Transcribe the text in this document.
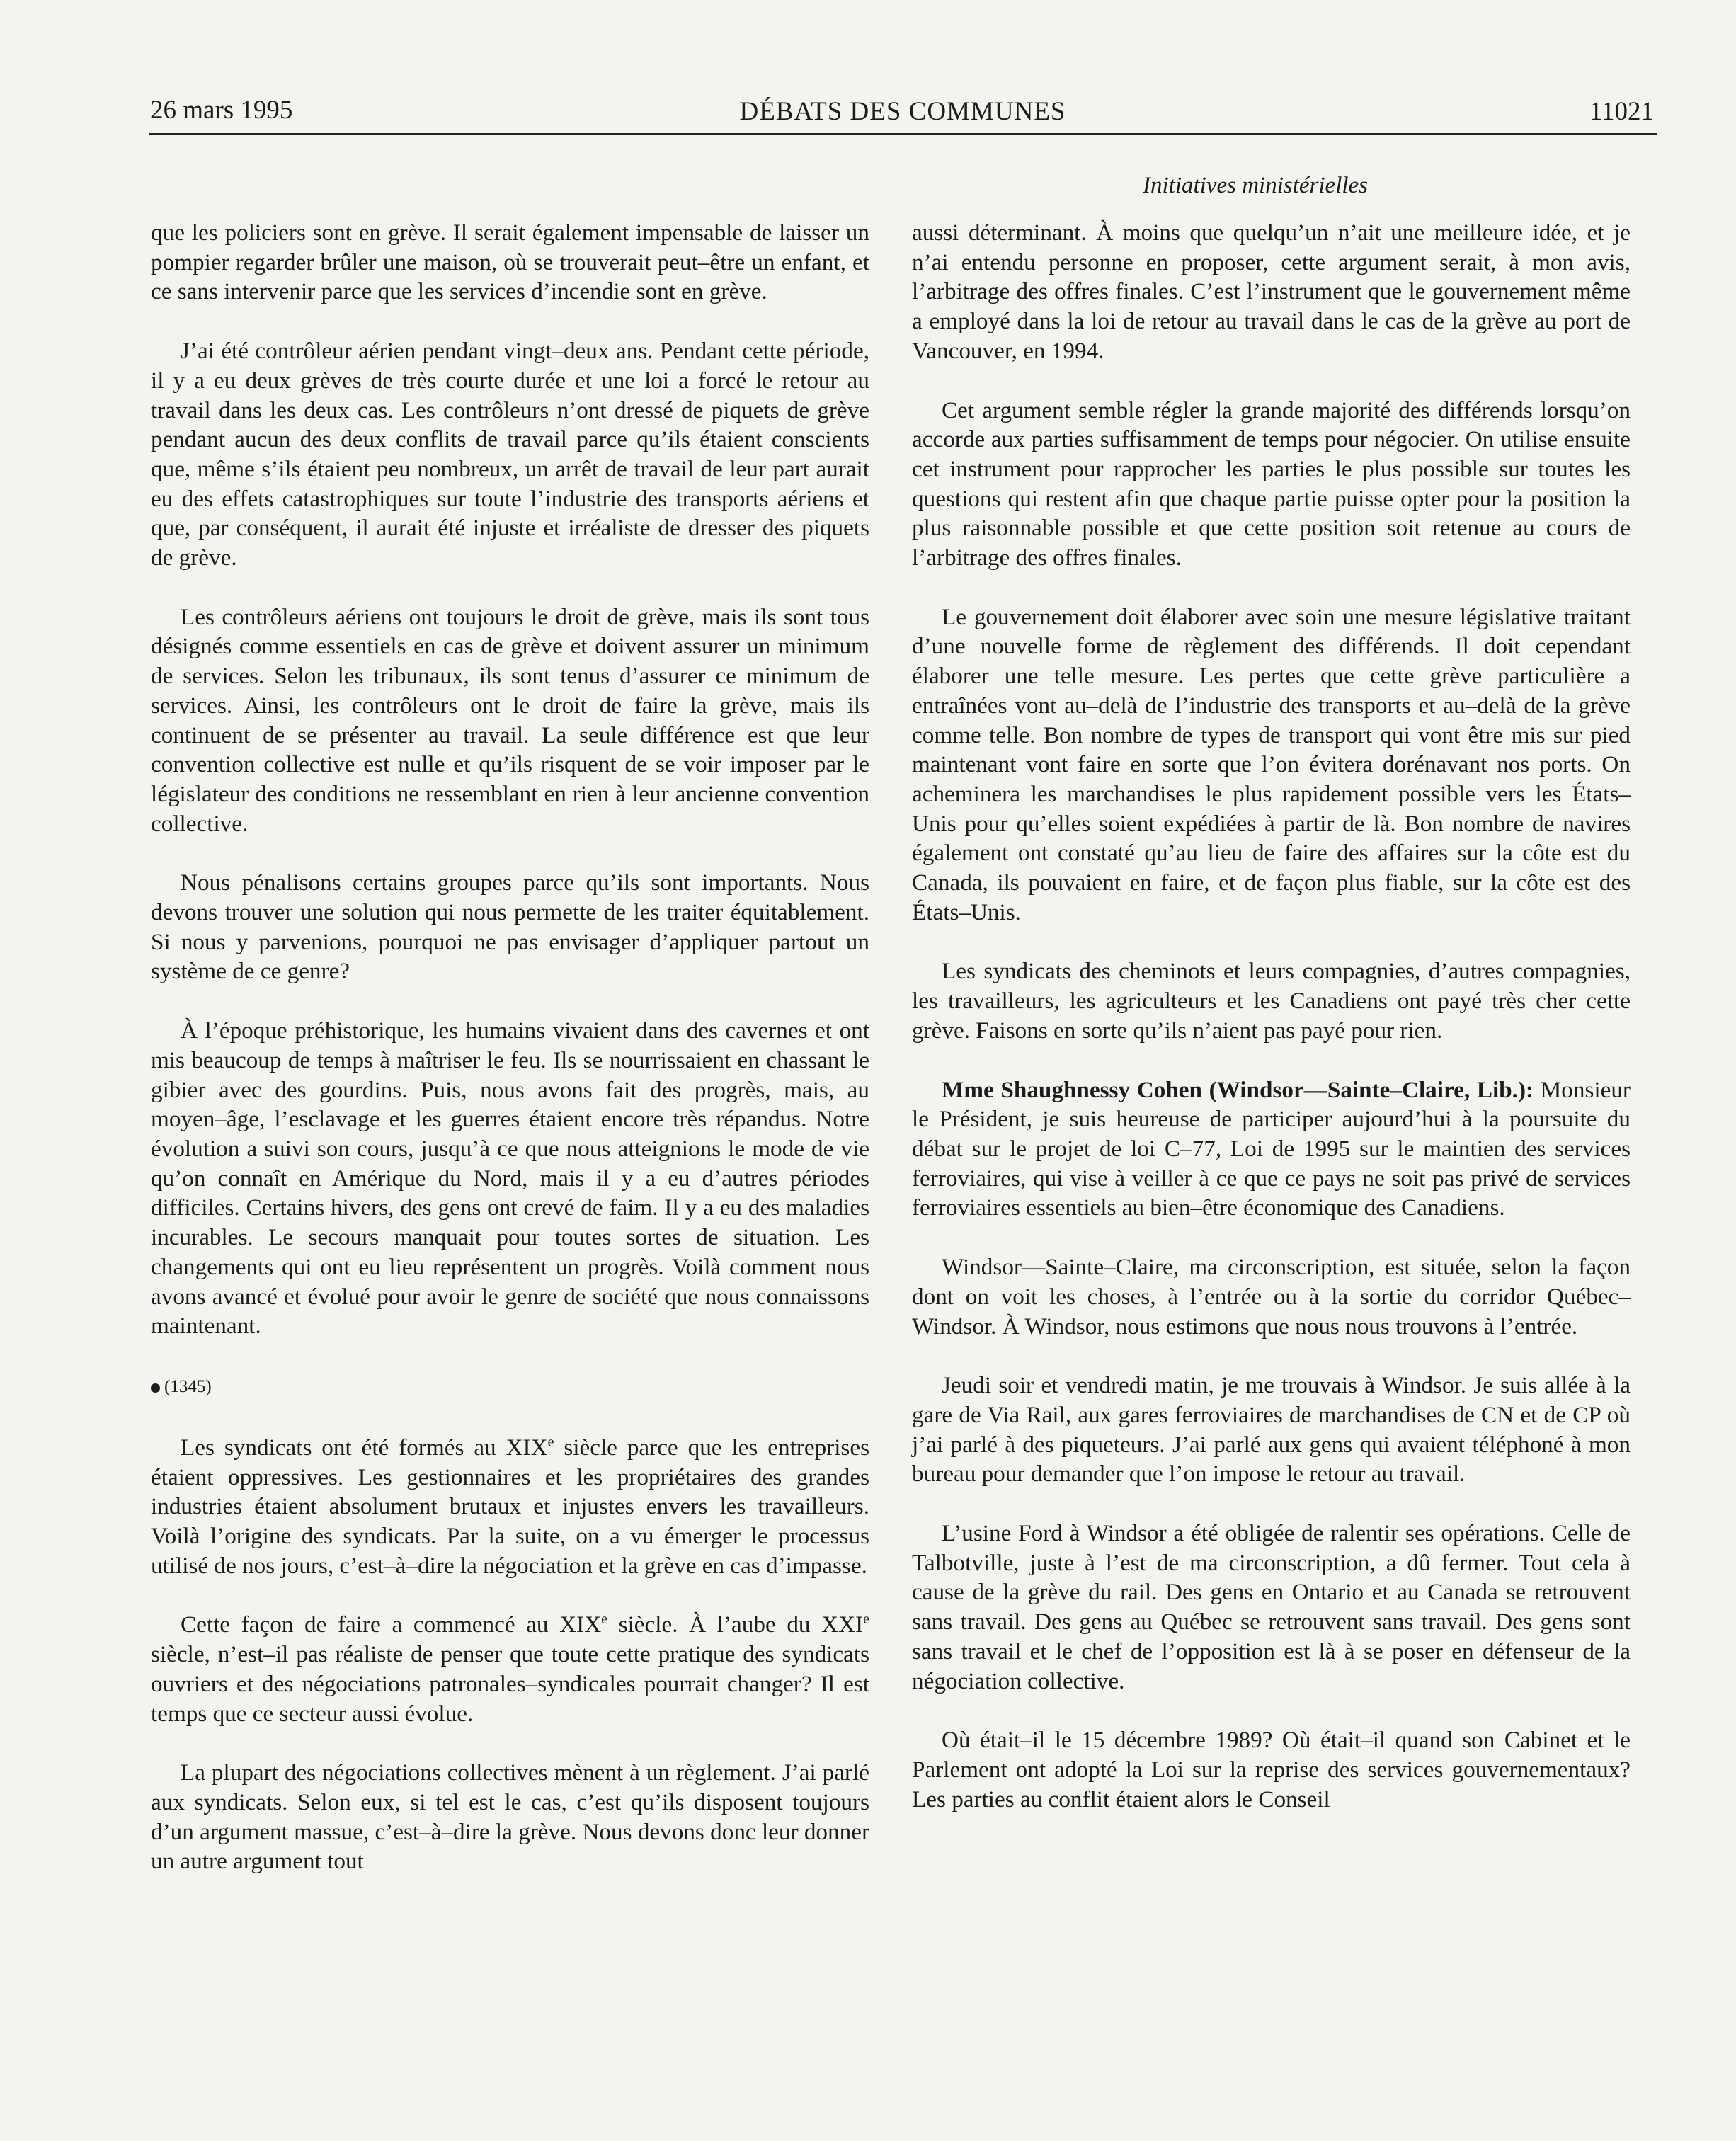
26 mars 1995	DÉBATS DES COMMUNES	11021
Initiatives ministérielles

que les policiers sont en grève. Il serait également impensable de laisser un pompier regarder brûler une maison, où se trouverait peut–être un enfant, et ce sans intervenir parce que les services d’incendie sont en grève.

J’ai été contrôleur aérien pendant vingt–deux ans. Pendant cette période, il y a eu deux grèves de très courte durée et une loi a forcé le retour au travail dans les deux cas. Les contrôleurs n’ont dressé de piquets de grève pendant aucun des deux conflits de travail parce qu’ils étaient conscients que, même s’ils étaient peu nombreux, un arrêt de travail de leur part aurait eu des effets catastrophiques sur toute l’industrie des transports aériens et que, par conséquent, il aurait été injuste et irréaliste de dresser des piquets de grève.

Les contrôleurs aériens ont toujours le droit de grève, mais ils sont tous désignés comme essentiels en cas de grève et doivent assurer un minimum de services. Selon les tribunaux, ils sont tenus d’assurer ce minimum de services. Ainsi, les contrôleurs ont le droit de faire la grève, mais ils continuent de se présenter au travail. La seule différence est que leur convention collective est nulle et qu’ils risquent de se voir imposer par le législateur des conditions ne ressemblant en rien à leur ancienne convention collective.

Nous pénalisons certains groupes parce qu’ils sont importants. Nous devons trouver une solution qui nous permette de les traiter équitablement. Si nous y parvenions, pourquoi ne pas envisager d’appliquer partout un système de ce genre?

À l’époque préhistorique, les humains vivaient dans des cavernes et ont mis beaucoup de temps à maîtriser le feu. Ils se nourrissaient en chassant le gibier avec des gourdins. Puis, nous avons fait des progrès, mais, au moyen–âge, l’esclavage et les guerres étaient encore très répandus. Notre évolution a suivi son cours, jusqu’à ce que nous atteignions le mode de vie qu’on connaît en Amérique du Nord, mais il y a eu d’autres périodes difficiles. Certains hivers, des gens ont crevé de faim. Il y a eu des maladies incurables. Le secours manquait pour toutes sortes de situation. Les changements qui ont eu lieu représentent un progrès. Voilà comment nous avons avancé et évolué pour avoir le genre de société que nous connaissons maintenant.

(1345)

Les syndicats ont été formés au XIXe siècle parce que les entreprises étaient oppressives. Les gestionnaires et les propriétaires des grandes industries étaient absolument brutaux et injustes envers les travailleurs. Voilà l’origine des syndicats. Par la suite, on a vu émerger le processus utilisé de nos jours, c’est–à–dire la négociation et la grève en cas d’impasse.

Cette façon de faire a commencé au XIXe siècle. À l’aube du XXIe siècle, n’est–il pas réaliste de penser que toute cette pratique des syndicats ouvriers et des négociations patronales–syndicales pourrait changer? Il est temps que ce secteur aussi évolue.

La plupart des négociations collectives mènent à un règlement. J’ai parlé aux syndicats. Selon eux, si tel est le cas, c’est qu’ils disposent toujours d’un argument massue, c’est–à–dire la grève. Nous devons donc leur donner un autre argument tout

aussi déterminant. À moins que quelqu’un n’ait une meilleure idée, et je n’ai entendu personne en proposer, cette argument serait, à mon avis, l’arbitrage des offres finales. C’est l’instrument que le gouvernement même a employé dans la loi de retour au travail dans le cas de la grève au port de Vancouver, en 1994.

Cet argument semble régler la grande majorité des différends lorsqu’on accorde aux parties suffisamment de temps pour négocier. On utilise ensuite cet instrument pour rapprocher les parties le plus possible sur toutes les questions qui restent afin que chaque partie puisse opter pour la position la plus raisonnable possible et que cette position soit retenue au cours de l’arbitrage des offres finales.

Le gouvernement doit élaborer avec soin une mesure législative traitant d’une nouvelle forme de règlement des différends. Il doit cependant élaborer une telle mesure. Les pertes que cette grève particulière a entraînées vont au–delà de l’industrie des transports et au–delà de la grève comme telle. Bon nombre de types de transport qui vont être mis sur pied maintenant vont faire en sorte que l’on évitera dorénavant nos ports. On acheminera les marchandises le plus rapidement possible vers les États–Unis pour qu’elles soient expédiées à partir de là. Bon nombre de navires également ont constaté qu’au lieu de faire des affaires sur la côte est du Canada, ils pouvaient en faire, et de façon plus fiable, sur la côte est des États–Unis.

Les syndicats des cheminots et leurs compagnies, d’autres compagnies, les travailleurs, les agriculteurs et les Canadiens ont payé très cher cette grève. Faisons en sorte qu’ils n’aient pas payé pour rien.

Mme Shaughnessy Cohen (Windsor—Sainte–Claire, Lib.): Monsieur le Président, je suis heureuse de participer aujourd’hui à la poursuite du débat sur le projet de loi C–77, Loi de 1995 sur le maintien des services ferroviaires, qui vise à veiller à ce que ce pays ne soit pas privé de services ferroviaires essentiels au bien–être économique des Canadiens.

Windsor—Sainte–Claire, ma circonscription, est située, selon la façon dont on voit les choses, à l’entrée ou à la sortie du corridor Québec–Windsor. À Windsor, nous estimons que nous nous trouvons à l’entrée.

Jeudi soir et vendredi matin, je me trouvais à Windsor. Je suis allée à la gare de Via Rail, aux gares ferroviaires de marchandises de CN et de CP où j’ai parlé à des piqueteurs. J’ai parlé aux gens qui avaient téléphoné à mon bureau pour demander que l’on impose le retour au travail.

L’usine Ford à Windsor a été obligée de ralentir ses opérations. Celle de Talbotville, juste à l’est de ma circonscription, a dû fermer. Tout cela à cause de la grève du rail. Des gens en Ontario et au Canada se retrouvent sans travail. Des gens au Québec se retrouvent sans travail. Des gens sont sans travail et le chef de l’opposition est là à se poser en défenseur de la négociation collective.

Où était–il le 15 décembre 1989? Où était–il quand son Cabinet et le Parlement ont adopté la Loi sur la reprise des services gouvernementaux? Les parties au conflit étaient alors le Conseil
